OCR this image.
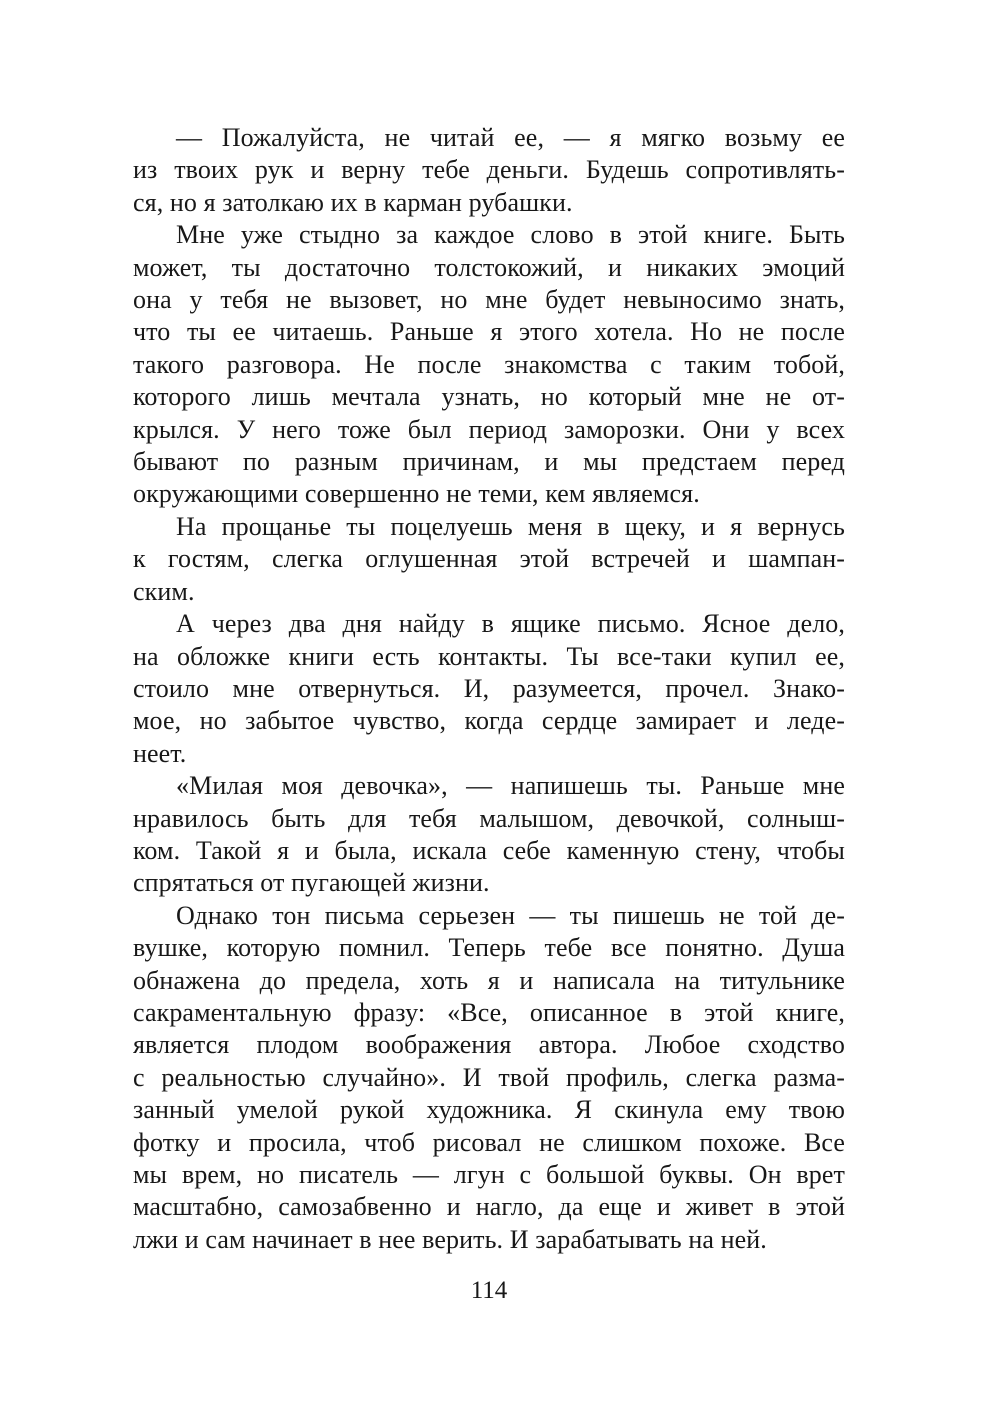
— Пожалуйста, не читай ее, — я мягко возьму ее
из твоих рук и верну тебе деньги. Будешь сопротивлять-
ся, но я затолкаю их в карман рубашки.
Мне уже стыдно за каждое слово в этой книге. Быть
может, ты достаточно толстокожий, и никаких эмоций
она у тебя не вызовет, но мне будет невыносимо знать,
что ты ее читаешь. Раньше я этого хотела. Но не после
такого разговора. Не после знакомства с таким тобой,
которого лишь мечтала узнать, но который мне не от-
крылся. У него тоже был период заморозки. Они у всех
бывают по разным причинам, и мы предстаем перед
окружающими совершенно не теми, кем являемся.
На прощанье ты поцелуешь меня в щеку, и я вернусь
к гостям, слегка оглушенная этой встречей и шампан-
ским.
А через два дня найду в ящике письмо. Ясное дело,
на обложке книги есть контакты. Ты все-таки купил ее,
стоило мне отвернуться. И, разумеется, прочел. Знако-
мое, но забытое чувство, когда сердце замирает и леде-
неет.
«Милая моя девочка», — напишешь ты. Раньше мне
нравилось быть для тебя малышом, девочкой, солныш-
ком. Такой я и была, искала себе каменную стену, чтобы
спрятаться от пугающей жизни.
Однако тон письма серьезен — ты пишешь не той де-
вушке, которую помнил. Теперь тебе все понятно. Душа
обнажена до предела, хоть я и написала на титульнике
сакраментальную фразу: «Все, описанное в этой книге,
является плодом воображения автора. Любое сходство
с реальностью случайно». И твой профиль, слегка разма-
занный умелой рукой художника. Я скинула ему твою
фотку и просила, чтоб рисовал не слишком похоже. Все
мы врем, но писатель — лгун с большой буквы. Он врет
масштабно, самозабвенно и нагло, да еще и живет в этой
лжи и сам начинает в нее верить. И зарабатывать на ней.
114
